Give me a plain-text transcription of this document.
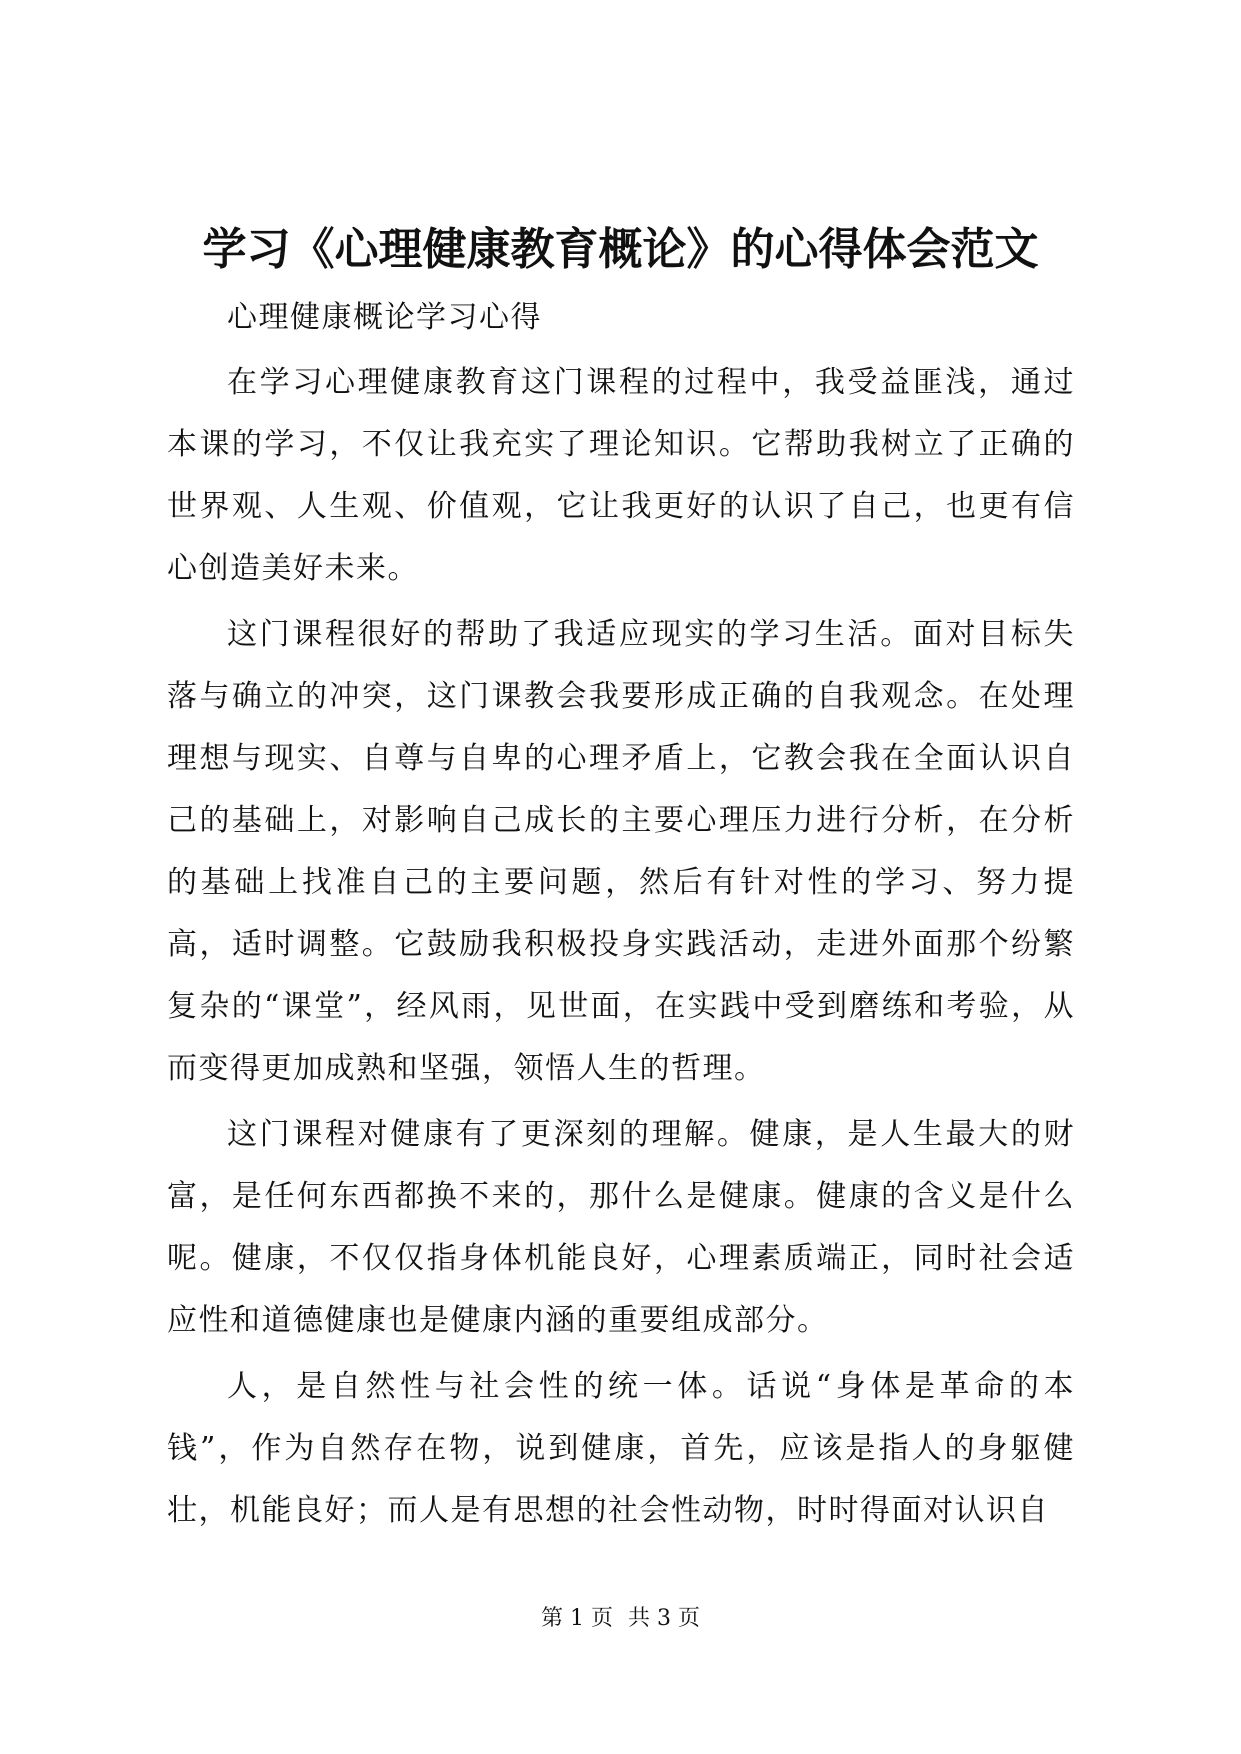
学习《心理健康教育概论》的心得体会范文

心理健康概论学习心得

在学习心理健康教育这门课程的过程中，我受益匪浅，通过本课的学习，不仅让我充实了理论知识。它帮助我树立了正确的世界观、人生观、价值观，它让我更好的认识了自己，也更有信心创造美好未来。

这门课程很好的帮助了我适应现实的学习生活。面对目标失落与确立的冲突，这门课教会我要形成正确的自我观念。在处理理想与现实、自尊与自卑的心理矛盾上，它教会我在全面认识自己的基础上，对影响自己成长的主要心理压力进行分析，在分析的基础上找准自己的主要问题，然后有针对性的学习、努力提高，适时调整。它鼓励我积极投身实践活动，走进外面那个纷繁复杂的“课堂”，经风雨，见世面，在实践中受到磨练和考验，从而变得更加成熟和坚强，领悟人生的哲理。

这门课程对健康有了更深刻的理解。健康，是人生最大的财富，是任何东西都换不来的，那什么是健康。健康的含义是什么呢。健康，不仅仅指身体机能良好，心理素质端正，同时社会适应性和道德健康也是健康内涵的重要组成部分。

人，是自然性与社会性的统一体。话说“身体是革命的本钱”，作为自然存在物，说到健康，首先，应该是指人的身躯健壮，机能良好；而人是有思想的社会性动物，时时得面对认识自

第 1 页 共 3 页
